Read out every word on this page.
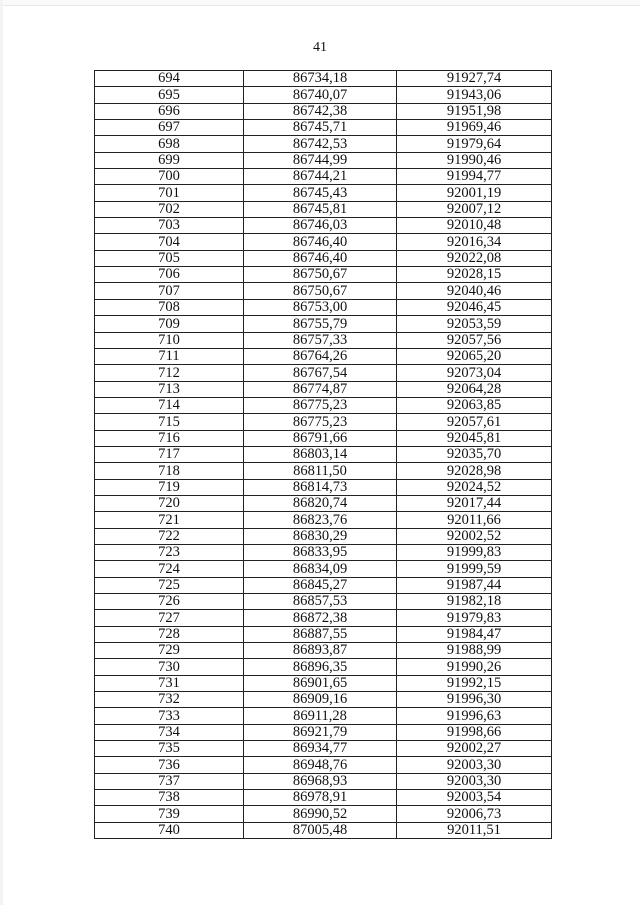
41
694	86734,18	91927,74
695	86740,07	91943,06
696	86742,38	91951,98
697	86745,71	91969,46
698	86742,53	91979,64
699	86744,99	91990,46
700	86744,21	91994,77
701	86745,43	92001,19
702	86745,81	92007,12
703	86746,03	92010,48
704	86746,40	92016,34
705	86746,40	92022,08
706	86750,67	92028,15
707	86750,67	92040,46
708	86753,00	92046,45
709	86755,79	92053,59
710	86757,33	92057,56
711	86764,26	92065,20
712	86767,54	92073,04
713	86774,87	92064,28
714	86775,23	92063,85
715	86775,23	92057,61
716	86791,66	92045,81
717	86803,14	92035,70
718	86811,50	92028,98
719	86814,73	92024,52
720	86820,74	92017,44
721	86823,76	92011,66
722	86830,29	92002,52
723	86833,95	91999,83
724	86834,09	91999,59
725	86845,27	91987,44
726	86857,53	91982,18
727	86872,38	91979,83
728	86887,55	91984,47
729	86893,87	91988,99
730	86896,35	91990,26
731	86901,65	91992,15
732	86909,16	91996,30
733	86911,28	91996,63
734	86921,79	91998,66
735	86934,77	92002,27
736	86948,76	92003,30
737	86968,93	92003,30
738	86978,91	92003,54
739	86990,52	92006,73
740	87005,48	92011,51
